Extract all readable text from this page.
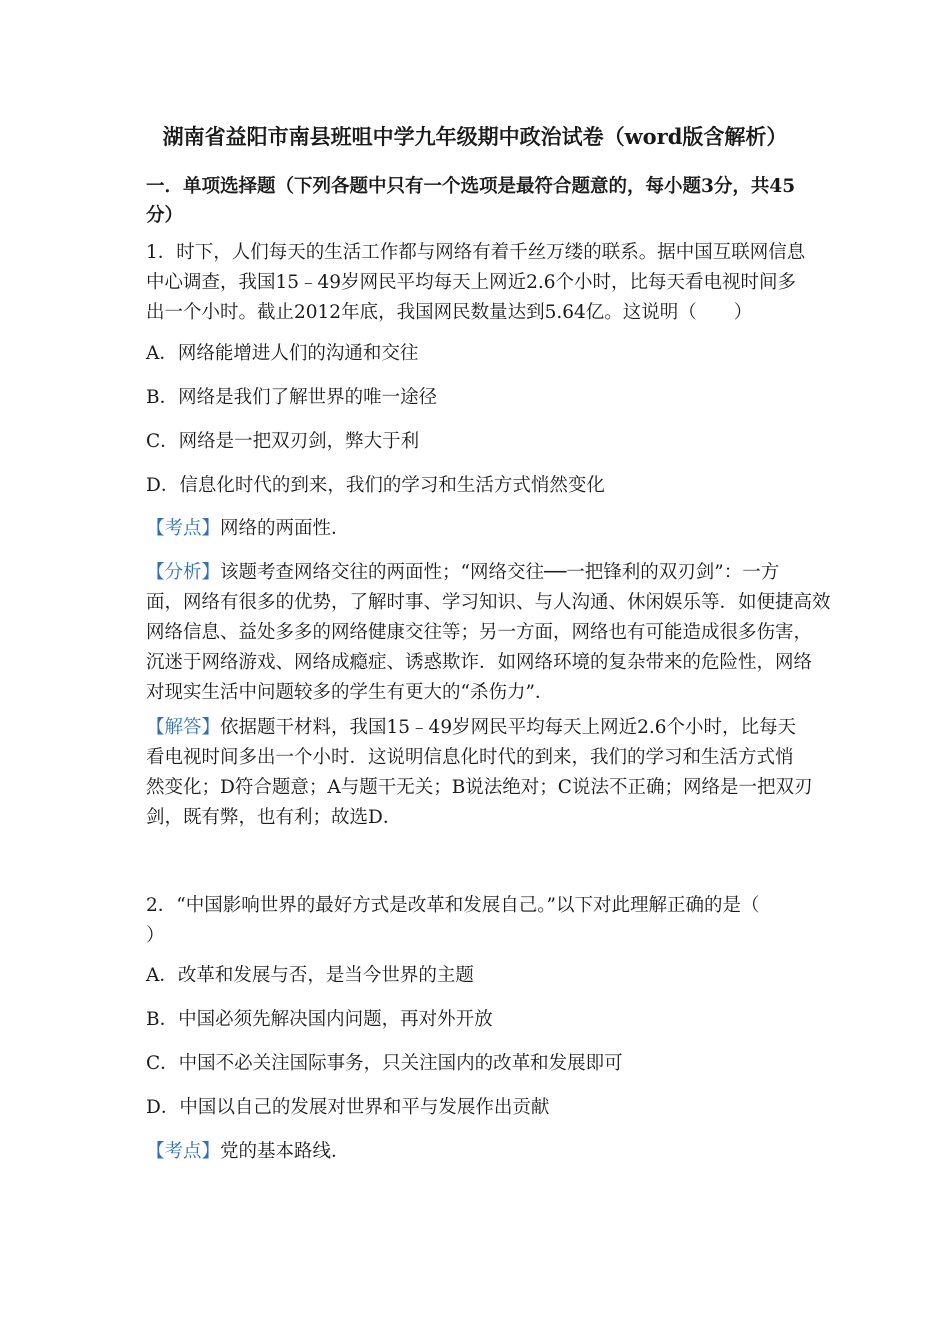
湖南省益阳市南县班咀中学九年级期中政治试卷（word版含解析）
一．单项选择题（下列各题中只有一个选项是最符合题意的，每小题3分，共45
分）
1．时下，人们每天的生活工作都与网络有着千丝万缕的联系。据中国互联网信息
中心调查，我国15﹣49岁网民平均每天上网近2.6个小时，比每天看电视时间多
出一个小时。截止2012年底，我国网民数量达到5.64亿。这说明（　　）
A．网络能增进人们的沟通和交往
B．网络是我们了解世界的唯一途径
C．网络是一把双刃剑，弊大于利
D．信息化时代的到来，我们的学习和生活方式悄然变化
【考点】网络的两面性．
【分析】该题考查网络交往的两面性；“网络交往──一把锋利的双刃剑”：一方
面，网络有很多的优势，了解时事、学习知识、与人沟通、休闲娱乐等．如便捷高效
网络信息、益处多多的网络健康交往等；另一方面，网络也有可能造成很多伤害，
沉迷于网络游戏、网络成瘾症、诱惑欺诈．如网络环境的复杂带来的危险性，网络
对现实生活中问题较多的学生有更大的“杀伤力”．
【解答】依据题干材料，我国15﹣49岁网民平均每天上网近2.6个小时，比每天
看电视时间多出一个小时．这说明信息化时代的到来，我们的学习和生活方式悄
然变化；D符合题意；A与题干无关；B说法绝对；C说法不正确；网络是一把双刃
剑，既有弊，也有利；故选D．
2．“中国影响世界的最好方式是改革和发展自己。”以下对此理解正确的是（
）
A．改革和发展与否，是当今世界的主题
B．中国必须先解决国内问题，再对外开放
C．中国不必关注国际事务，只关注国内的改革和发展即可
D．中国以自己的发展对世界和平与发展作出贡献
【考点】党的基本路线．
